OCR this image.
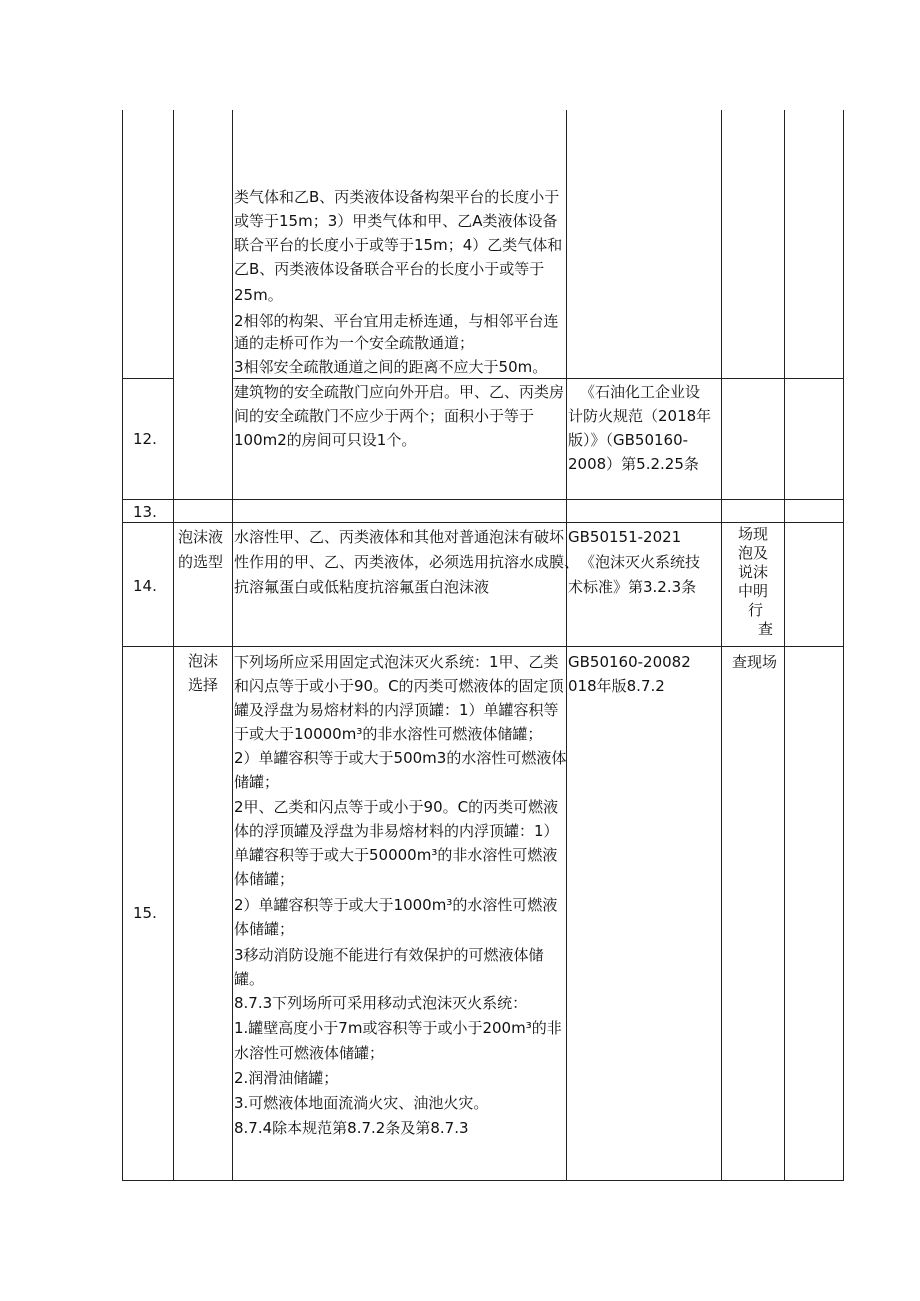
类气体和乙B、丙类液体设备构架平台的长度小于
或等于15m；3）甲类气体和甲、乙A类液体设备
联合平台的长度小于或等于15m；4）乙类气体和
乙B、丙类液体设备联合平台的长度小于或等于
25m。
2相邻的构架、平台宜用走桥连通，与相邻平台连
通的走桥可作为一个安全疏散通道；
3相邻安全疏散通道之间的距离不应大于50m。
12.
建筑物的安全疏散门应向外开启。甲、乙、丙类房
间的安全疏散门不应少于两个；面积小于等于
100m2的房间可只设1个。
《石油化工企业设
计防火规范（2018年
版）》（GB50160-
2008）第5.2.25条
13.
14.
泡沫液
的选型
水溶性甲、乙、丙类液体和其他对普通泡沫有破坏
性作用的甲、乙、丙类液体，必须选用抗溶水成膜、
抗溶氟蛋白或低粘度抗溶氟蛋白泡沫液
GB50151-2021
《泡沫灭火系统技
术标准》第3.2.3条
场现
泡及
说沫
中明
行
查
15.
泡沫
选择
下列场所应采用固定式泡沫灭火系统：1甲、乙类
和闪点等于或小于90。C的丙类可燃液体的固定顶
罐及浮盘为易熔材料的内浮顶罐：1）单罐容积等
于或大于10000m³的非水溶性可燃液体储罐；
2）单罐容积等于或大于500m3的水溶性可燃液体
储罐；
2甲、乙类和闪点等于或小于90。C的丙类可燃液
体的浮顶罐及浮盘为非易熔材料的内浮顶罐：1）
单罐容积等于或大于50000m³的非水溶性可燃液
体储罐；
2）单罐容积等于或大于1000m³的水溶性可燃液
体储罐；
3移动消防设施不能进行有效保护的可燃液体储
罐。
8.7.3下列场所可采用移动式泡沫灭火系统：
1.罐壁高度小于7m或容积等于或小于200m³的非
水溶性可燃液体储罐；
2.润滑油储罐；
3.可燃液体地面流淌火灾、油池火灾。
8.7.4除本规范第8.7.2条及第8.7.3
GB50160-20082
018年版8.7.2
查现场
